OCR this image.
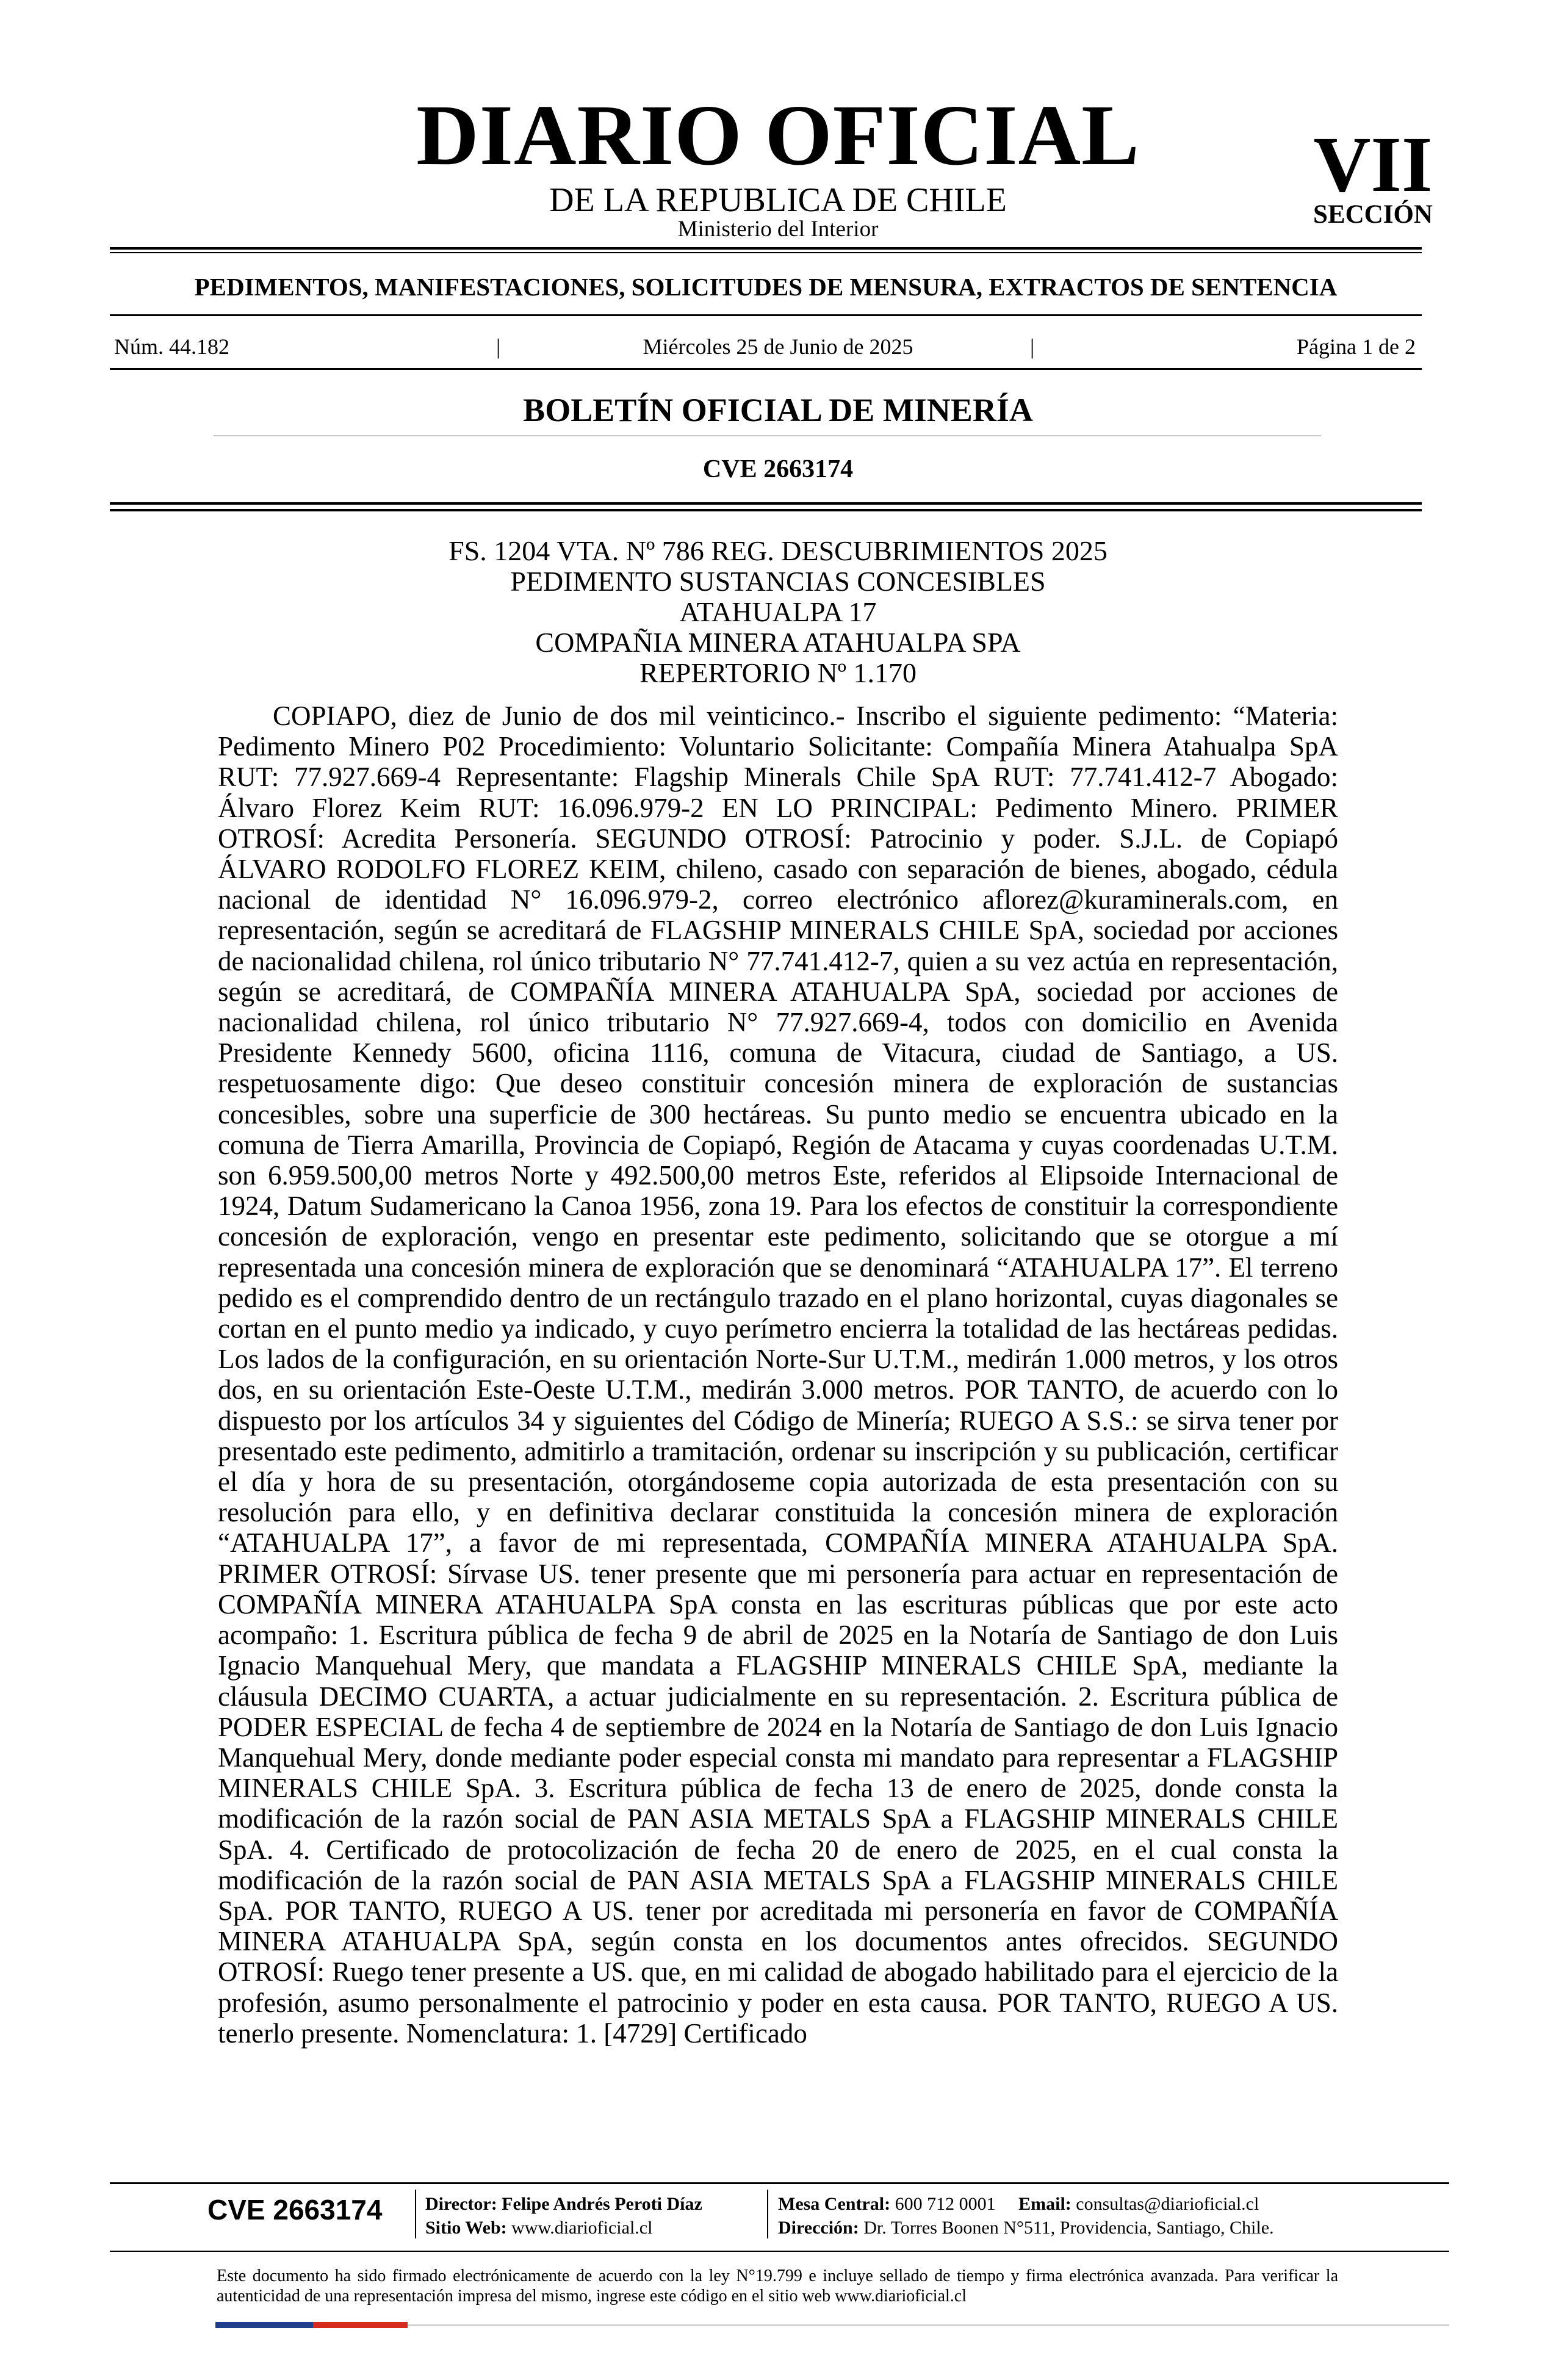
DIARIO OFICIAL
DE LA REPUBLICA DE CHILE
Ministerio del Interior
VII
SECCIÓN
PEDIMENTOS, MANIFESTACIONES, SOLICITUDES DE MENSURA, EXTRACTOS DE SENTENCIA
Núm. 44.182	|	Miércoles 25 de Junio de 2025	|	Página 1 de 2
BOLETÍN OFICIAL DE MINERÍA
CVE 2663174
FS. 1204 VTA. Nº 786 REG. DESCUBRIMIENTOS 2025
PEDIMENTO SUSTANCIAS CONCESIBLES
ATAHUALPA 17
COMPAÑIA MINERA ATAHUALPA SPA
REPERTORIO Nº 1.170
COPIAPO, diez de Junio de dos mil veinticinco.- Inscribo el siguiente pedimento: “Materia: Pedimento Minero P02 Procedimiento: Voluntario Solicitante: Compañía Minera Atahualpa SpA RUT: 77.927.669-4 Representante: Flagship Minerals Chile SpA RUT: 77.741.412-7 Abogado: Álvaro Florez Keim RUT: 16.096.979-2 EN LO PRINCIPAL: Pedimento Minero. PRIMER OTROSÍ: Acredita Personería. SEGUNDO OTROSÍ: Patrocinio y poder. S.J.L. de Copiapó ÁLVARO RODOLFO FLOREZ KEIM, chileno, casado con separación de bienes, abogado, cédula nacional de identidad N° 16.096.979-2, correo electrónico aflorez@kuraminerals.com, en representación, según se acreditará de FLAGSHIP MINERALS CHILE SpA, sociedad por acciones de nacionalidad chilena, rol único tributario N° 77.741.412-7, quien a su vez actúa en representación, según se acreditará, de COMPAÑÍA MINERA ATAHUALPA SpA, sociedad por acciones de nacionalidad chilena, rol único tributario N° 77.927.669-4, todos con domicilio en Avenida Presidente Kennedy 5600, oficina 1116, comuna de Vitacura, ciudad de Santiago, a US. respetuosamente digo: Que deseo constituir concesión minera de exploración de sustancias concesibles, sobre una superficie de 300 hectáreas. Su punto medio se encuentra ubicado en la comuna de Tierra Amarilla, Provincia de Copiapó, Región de Atacama y cuyas coordenadas U.T.M. son 6.959.500,00 metros Norte y 492.500,00 metros Este, referidos al Elipsoide Internacional de 1924, Datum Sudamericano la Canoa 1956, zona 19. Para los efectos de constituir la correspondiente concesión de exploración, vengo en presentar este pedimento, solicitando que se otorgue a mí representada una concesión minera de exploración que se denominará “ATAHUALPA 17”. El terreno pedido es el comprendido dentro de un rectángulo trazado en el plano horizontal, cuyas diagonales se cortan en el punto medio ya indicado, y cuyo perímetro encierra la totalidad de las hectáreas pedidas. Los lados de la configuración, en su orientación Norte-Sur U.T.M., medirán 1.000 metros, y los otros dos, en su orientación Este-Oeste U.T.M., medirán 3.000 metros. POR TANTO, de acuerdo con lo dispuesto por los artículos 34 y siguientes del Código de Minería; RUEGO A S.S.: se sirva tener por presentado este pedimento, admitirlo a tramitación, ordenar su inscripción y su publicación, certificar el día y hora de su presentación, otorgándoseme copia autorizada de esta presentación con su resolución para ello, y en definitiva declarar constituida la concesión minera de exploración “ATAHUALPA 17”, a favor de mi representada, COMPAÑÍA MINERA ATAHUALPA SpA. PRIMER OTROSÍ: Sírvase US. tener presente que mi personería para actuar en representación de COMPAÑÍA MINERA ATAHUALPA SpA consta en las escrituras públicas que por este acto acompaño: 1. Escritura pública de fecha 9 de abril de 2025 en la Notaría de Santiago de don Luis Ignacio Manquehual Mery, que mandata a FLAGSHIP MINERALS CHILE SpA, mediante la cláusula DECIMO CUARTA, a actuar judicialmente en su representación. 2. Escritura pública de PODER ESPECIAL de fecha 4 de septiembre de 2024 en la Notaría de Santiago de don Luis Ignacio Manquehual Mery, donde mediante poder especial consta mi mandato para representar a FLAGSHIP MINERALS CHILE SpA. 3. Escritura pública de fecha 13 de enero de 2025, donde consta la modificación de la razón social de PAN ASIA METALS SpA a FLAGSHIP MINERALS CHILE SpA. 4. Certificado de protocolización de fecha 20 de enero de 2025, en el cual consta la modificación de la razón social de PAN ASIA METALS SpA a FLAGSHIP MINERALS CHILE SpA. POR TANTO, RUEGO A US. tener por acreditada mi personería en favor de COMPAÑÍA MINERA ATAHUALPA SpA, según consta en los documentos antes ofrecidos. SEGUNDO OTROSÍ: Ruego tener presente a US. que, en mi calidad de abogado habilitado para el ejercicio de la profesión, asumo personalmente el patrocinio y poder en esta causa. POR TANTO, RUEGO A US. tenerlo presente. Nomenclatura: 1. [4729] Certificado
CVE 2663174 Director: Felipe Andrés Peroti Díaz
Sitio Web: www.diarioficial.cl
Mesa Central: 600 712 0001 Email: consultas@diarioficial.cl
Dirección: Dr. Torres Boonen N°511, Providencia, Santiago, Chile.
Este documento ha sido firmado electrónicamente de acuerdo con la ley N°19.799 e incluye sellado de tiempo y firma electrónica avanzada. Para verificar la autenticidad de una representación impresa del mismo, ingrese este código en el sitio web www.diarioficial.cl
